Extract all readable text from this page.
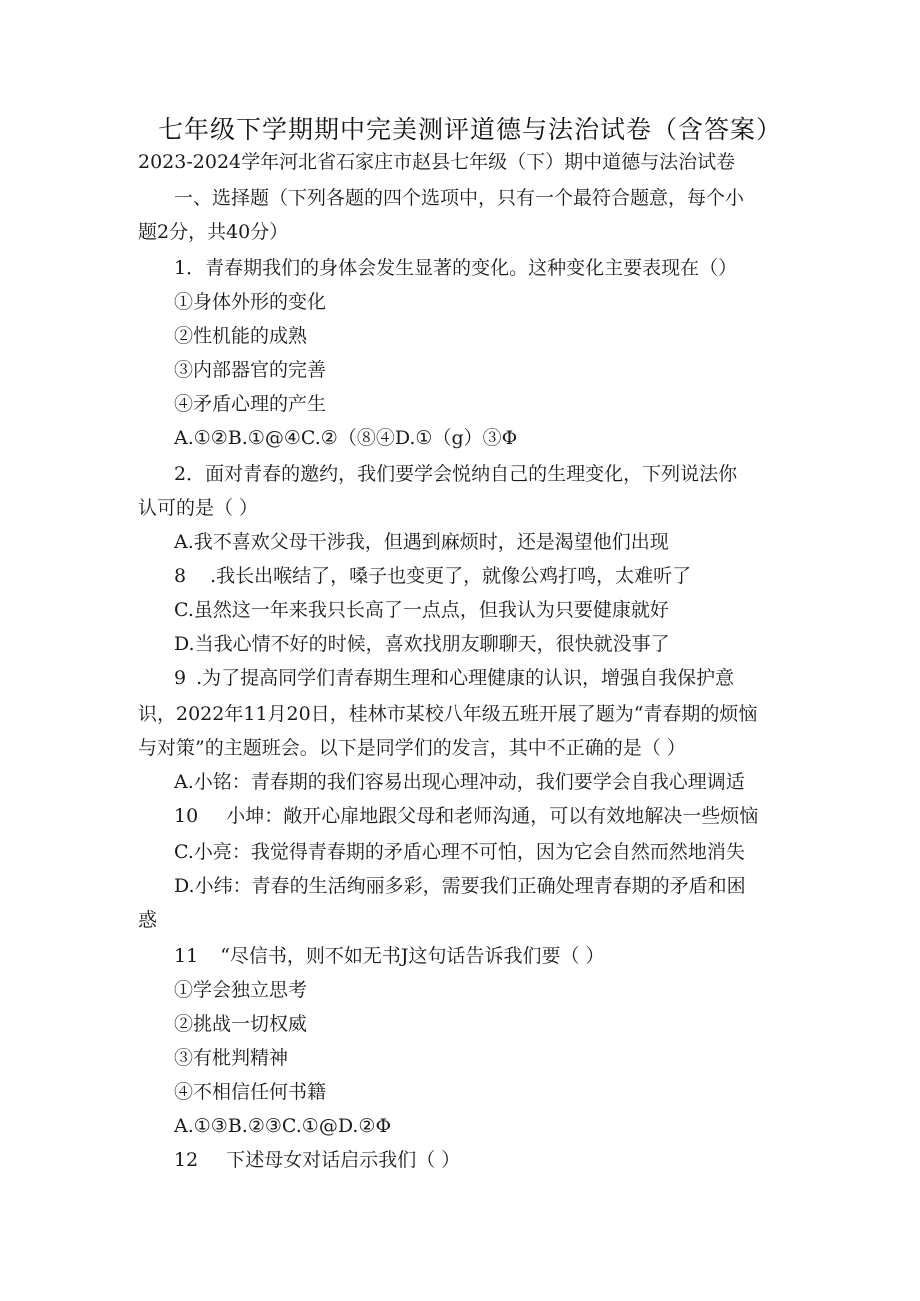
七年级下学期期中完美测评道德与法治试卷（含答案）
2023-2024学年河北省石家庄市赵县七年级（下）期中道德与法治试卷
一、选择题（下列各题的四个选项中，只有一个最符合题意，每个小
题2分，共40分）
1．青春期我们的身体会发生显著的变化。这种变化主要表现在（）
①身体外形的变化
②性机能的成熟
③内部器官的完善
④矛盾心理的产生
A.①②B.①@④C.②（⑧④D.①（g）③Φ
2．面对青春的邀约，我们要学会悦纳自己的生理变化，下列说法你
认可的是（ ）
A.我不喜欢父母干涉我，但遇到麻烦时，还是渴望他们出现
8 .我长出喉结了，嗓子也变更了，就像公鸡打鸣，太难听了
C.虽然这一年来我只长高了一点点，但我认为只要健康就好
D.当我心情不好的时候，喜欢找朋友聊聊天，很快就没事了
9 .为了提高同学们青春期生理和心理健康的认识，增强自我保护意
识，2022年11月20日，桂林市某校八年级五班开展了题为“青春期的烦恼
与对策”的主题班会。以下是同学们的发言，其中不正确的是（ ）
A.小铭：青春期的我们容易出现心理冲动，我们要学会自我心理调适
10 小坤：敞开心扉地跟父母和老师沟通，可以有效地解决一些烦恼
C.小亮：我觉得青春期的矛盾心理不可怕，因为它会自然而然地消失
D.小纬：青春的生活绚丽多彩，需要我们正确处理青春期的矛盾和困
惑
11 “尽信书，则不如无书J这句话告诉我们要（ ）
①学会独立思考
②挑战一切权威
③有枇判精神
④不相信任何书籍
A.①③B.②③C.①@D.②Φ
12 下述母女对话启示我们（ ）
